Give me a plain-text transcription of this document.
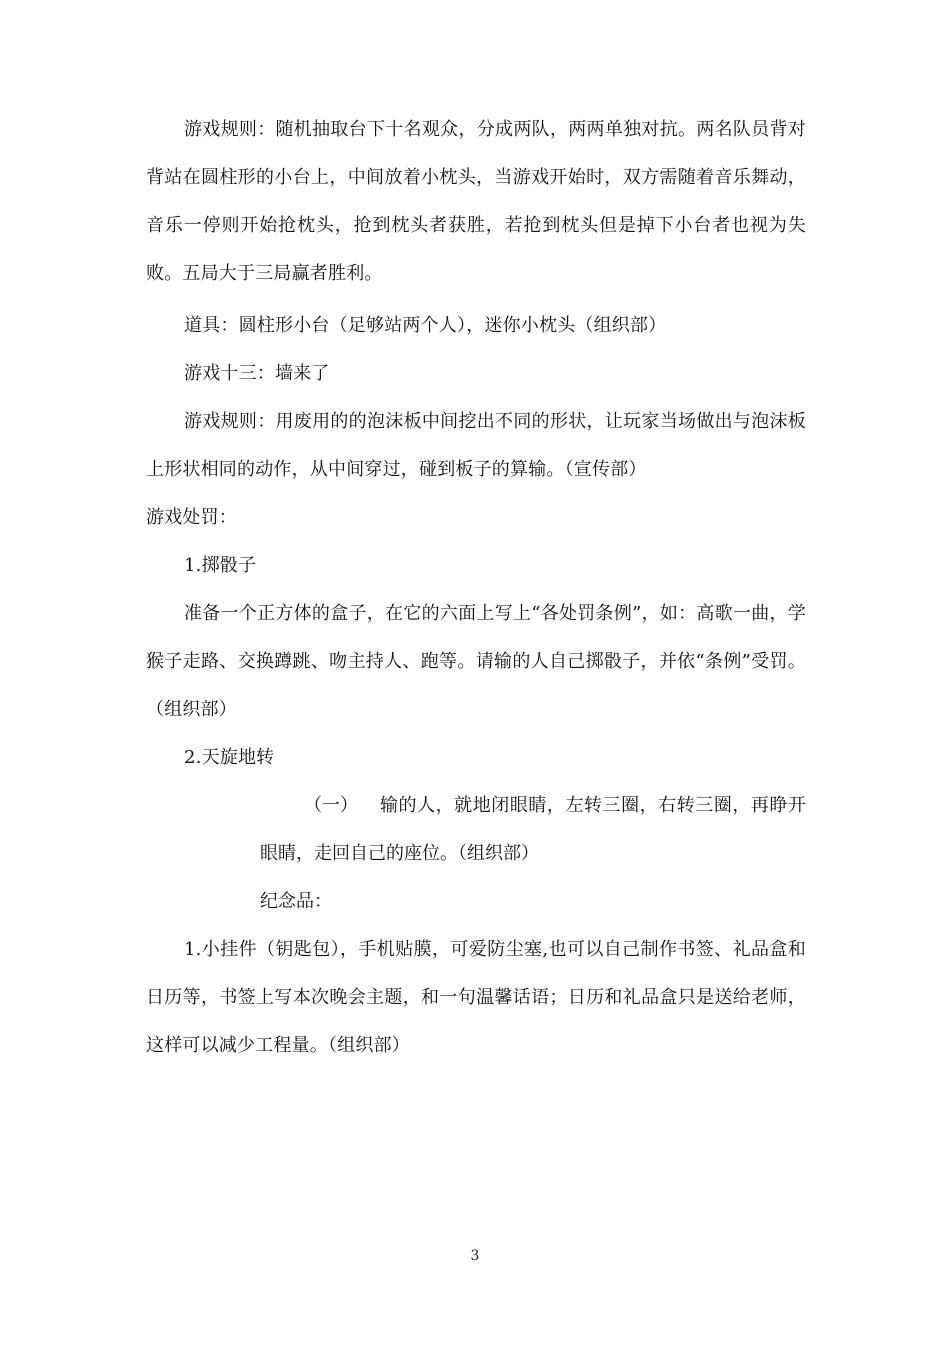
游戏规则：随机抽取台下十名观众，分成两队，两两单独对抗。两名队员背对背站在圆柱形的小台上，中间放着小枕头，当游戏开始时，双方需随着音乐舞动，音乐一停则开始抢枕头，抢到枕头者获胜，若抢到枕头但是掉下小台者也视为失败。五局大于三局赢者胜利。
道具：圆柱形小台（足够站两个人），迷你小枕头（组织部）
游戏十三：墙来了
游戏规则：用废用的的泡沫板中间挖出不同的形状，让玩家当场做出与泡沫板上形状相同的动作，从中间穿过，碰到板子的算输。（宣传部）
游戏处罚：
1.掷骰子
准备一个正方体的盒子，在它的六面上写上“各处罚条例”，如：高歌一曲，学猴子走路、交换蹲跳、吻主持人、跑等。请输的人自己掷骰子，并依“条例”受罚。（组织部）
2.天旋地转
（一）	输的人，就地闭眼睛，左转三圈，右转三圈，再睁开眼睛，走回自己的座位。（组织部）
纪念品：
1.小挂件（钥匙包），手机贴膜，可爱防尘塞,也可以自己制作书签、礼品盒和日历等，书签上写本次晚会主题，和一句温馨话语；日历和礼品盒只是送给老师，这样可以减少工程量。（组织部）
3
